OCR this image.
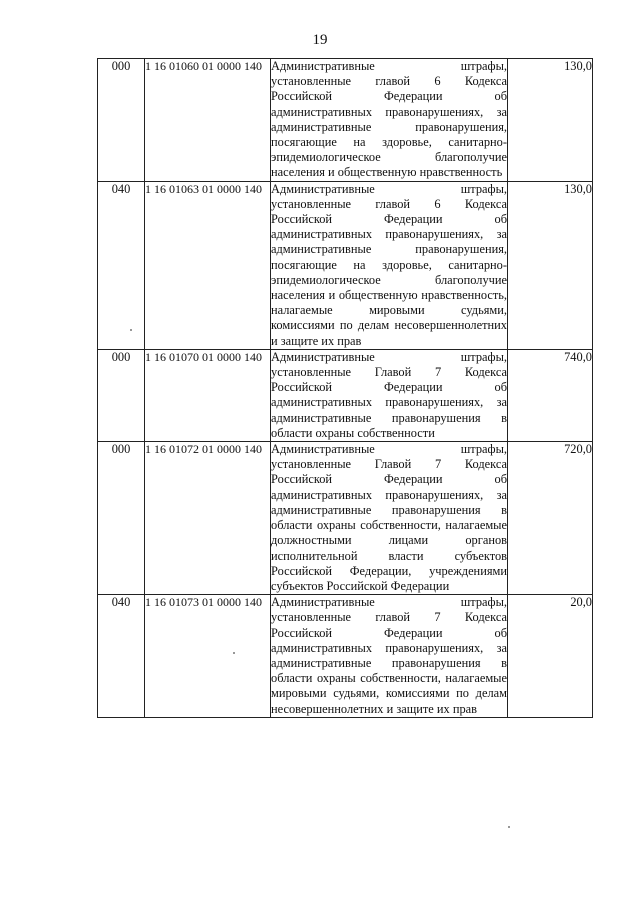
19
000	1 16 01060 01 0000 140	Административные штрафы, установленные главой 6 Кодекса Российской Федерации об административных правонарушениях, за административные правонарушения, посягающие на здоровье, санитарно-эпидемиологическое благополучие населения и общественную нравственность	130,0
040	1 16 01063 01 0000 140	Административные штрафы, установленные главой 6 Кодекса Российской Федерации об административных правонарушениях, за административные правонарушения, посягающие на здоровье, санитарно-эпидемиологическое благополучие населения и общественную нравственность, налагаемые мировыми судьями, комиссиями по делам несовершеннолетних и защите их прав	130,0
000	1 16 01070 01 0000 140	Административные штрафы, установленные Главой 7 Кодекса Российской Федерации об административных правонарушениях, за административные правонарушения в области охраны собственности	740,0
000	1 16 01072 01 0000 140	Административные штрафы, установленные Главой 7 Кодекса Российской Федерации об административных правонарушениях, за административные правонарушения в области охраны собственности, налагаемые должностными лицами органов исполнительной власти субъектов Российской Федерации, учреждениями субъектов Российской Федерации	720,0
040	1 16 01073 01 0000 140	Административные штрафы, установленные главой 7 Кодекса Российской Федерации об административных правонарушениях, за административные правонарушения в области охраны собственности, налагаемые мировыми судьями, комиссиями по делам несовершеннолетних и защите их прав	20,0
